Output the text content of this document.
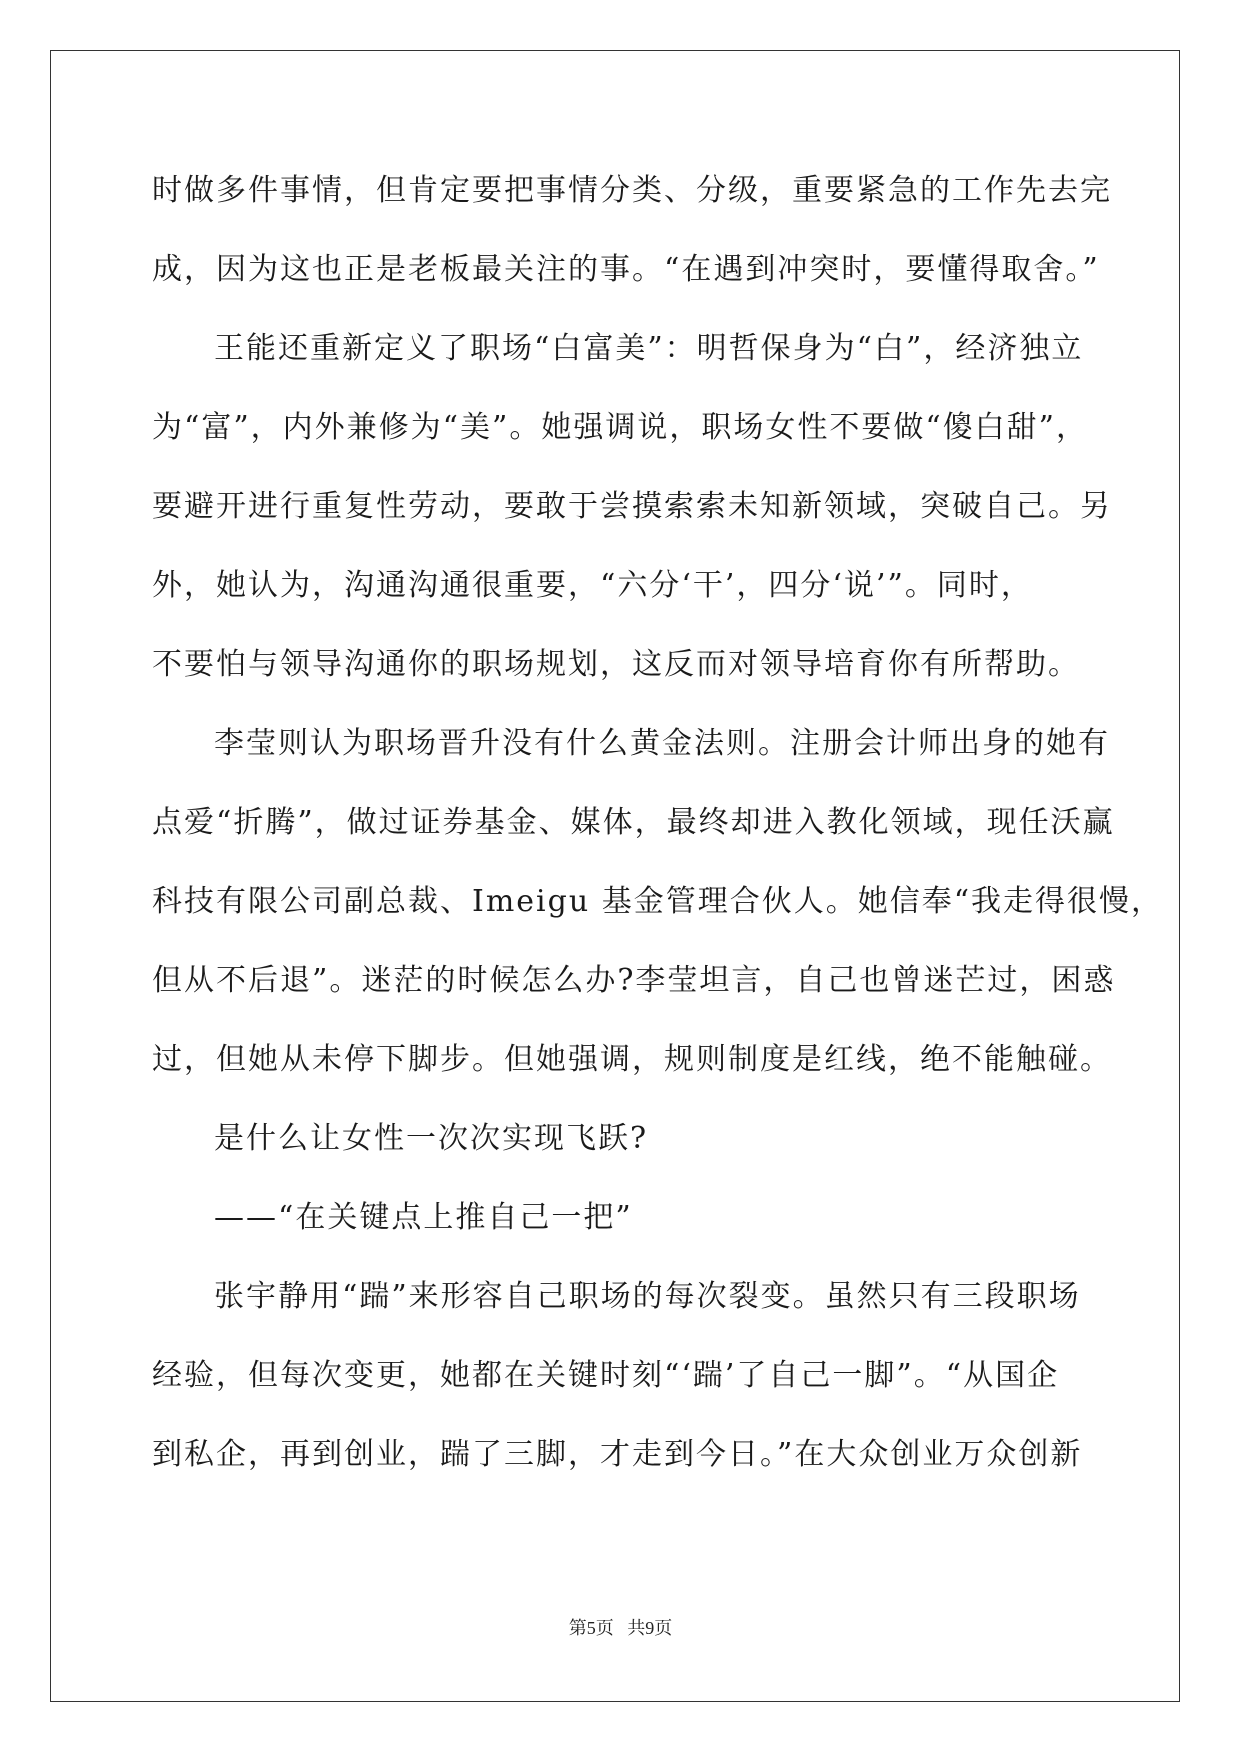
时做多件事情，但肯定要把事情分类、分级，重要紧急的工作先去完

成，因为这也正是老板最关注的事。“在遇到冲突时，要懂得取舍。”

王能还重新定义了职场“白富美”：明哲保身为“白”，经济独立

为“富”，内外兼修为“美”。她强调说，职场女性不要做“傻白甜”，

要避开进行重复性劳动，要敢于尝摸索索未知新领域，突破自己。另

外，她认为，沟通沟通很重要，“六分‘干’，四分‘说’”。同时，

不要怕与领导沟通你的职场规划，这反而对领导培育你有所帮助。

李莹则认为职场晋升没有什么黄金法则。注册会计师出身的她有

点爱“折腾”，做过证券基金、媒体，最终却进入教化领域，现任沃赢

科技有限公司副总裁、Imeigu 基金管理合伙人。她信奉“我走得很慢，

但从不后退”。迷茫的时候怎么办?李莹坦言，自己也曾迷芒过，困惑

过，但她从未停下脚步。但她强调，规则制度是红线，绝不能触碰。

是什么让女性一次次实现飞跃?

——“在关键点上推自己一把”

张宇静用“踹”来形容自己职场的每次裂变。虽然只有三段职场

经验，但每次变更，她都在关键时刻“‘踹’了自己一脚”。“从国企

到私企，再到创业，踹了三脚，才走到今日。”在大众创业万众创新

第5页 共9页
